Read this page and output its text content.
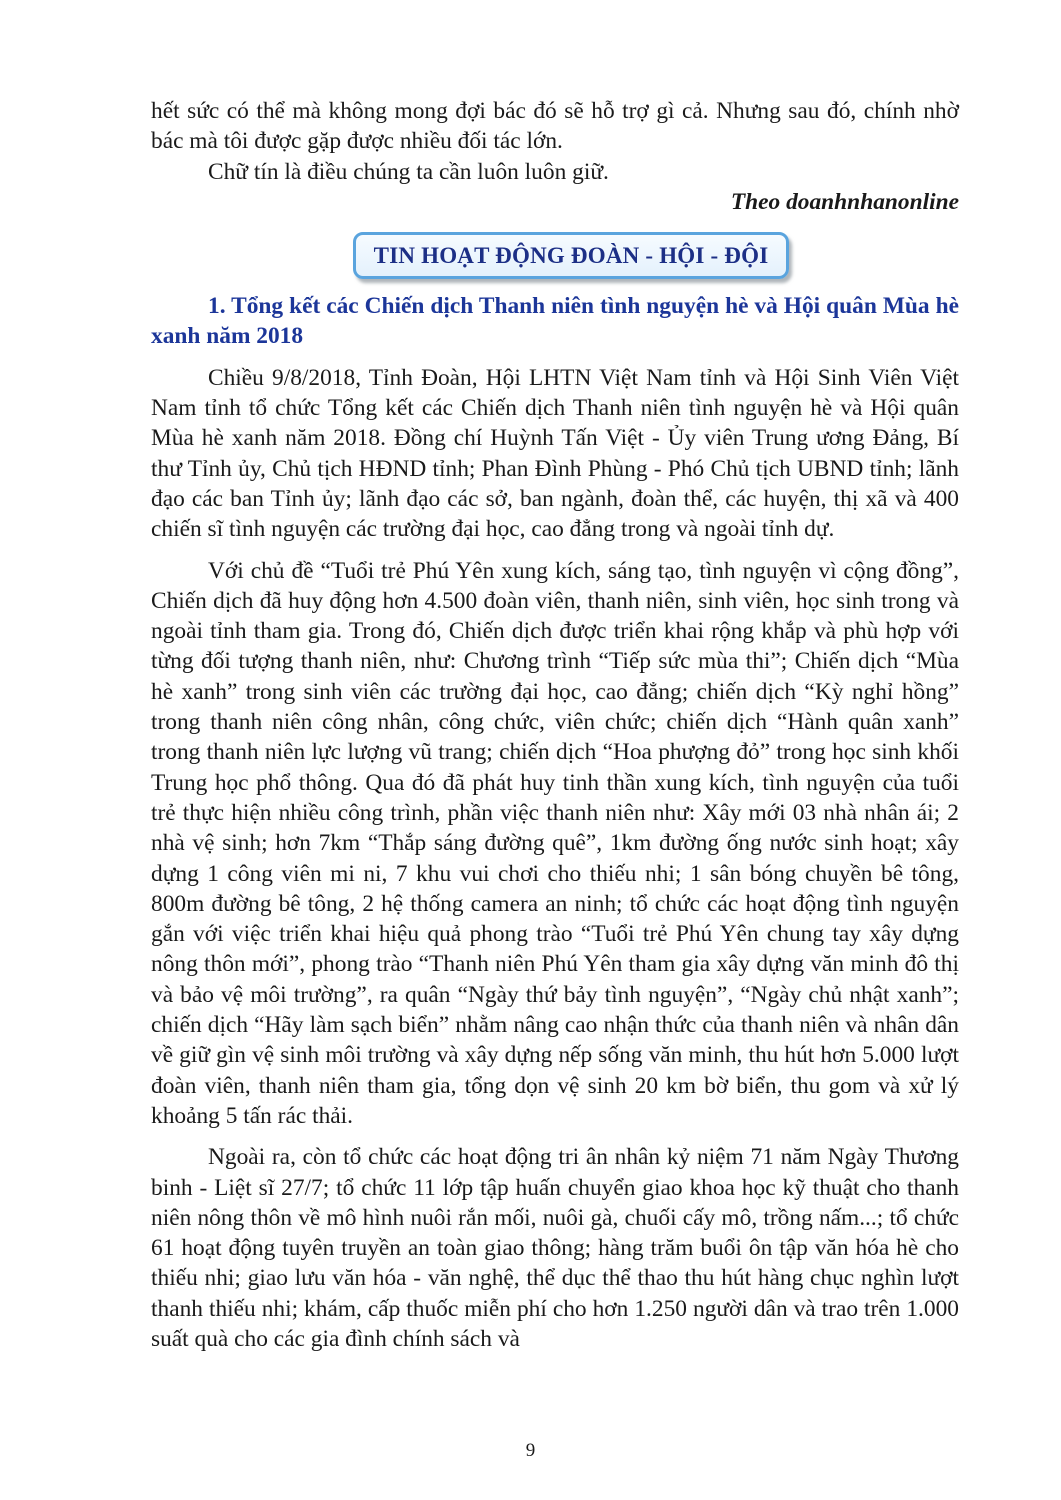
hết sức có thể mà không mong đợi bác đó sẽ hỗ trợ gì cả. Nhưng sau đó, chính nhờ bác mà tôi được gặp được nhiều đối tác lớn.

Chữ tín là điều chúng ta cần luôn luôn giữ.

Theo doanhnhanonline

TIN HOẠT ĐỘNG ĐOÀN - HỘI - ĐỘI

1. Tổng kết các Chiến dịch Thanh niên tình nguyện hè và Hội quân Mùa hè xanh năm 2018

Chiều 9/8/2018, Tỉnh Đoàn, Hội LHTN Việt Nam tỉnh và Hội Sinh Viên Việt Nam tỉnh tổ chức Tổng kết các Chiến dịch Thanh niên tình nguyện hè và Hội quân Mùa hè xanh năm 2018. Đồng chí Huỳnh Tấn Việt - Ủy viên Trung ương Đảng, Bí thư Tỉnh ủy, Chủ tịch HĐND tỉnh; Phan Đình Phùng - Phó Chủ tịch UBND tỉnh; lãnh đạo các ban Tỉnh ủy; lãnh đạo các sở, ban ngành, đoàn thể, các huyện, thị xã và 400 chiến sĩ tình nguyện các trường đại học, cao đẳng trong và ngoài tỉnh dự.

Với chủ đề “Tuổi trẻ Phú Yên xung kích, sáng tạo, tình nguyện vì cộng đồng”, Chiến dịch đã huy động hơn 4.500 đoàn viên, thanh niên, sinh viên, học sinh trong và ngoài tỉnh tham gia. Trong đó, Chiến dịch được triển khai rộng khắp và phù hợp với từng đối tượng thanh niên, như: Chương trình “Tiếp sức mùa thi”; Chiến dịch “Mùa hè xanh” trong sinh viên các trường đại học, cao đẳng; chiến dịch “Kỳ nghỉ hồng” trong thanh niên công nhân, công chức, viên chức; chiến dịch “Hành quân xanh” trong thanh niên lực lượng vũ trang; chiến dịch “Hoa phượng đỏ” trong học sinh khối Trung học phổ thông. Qua đó đã phát huy tinh thần xung kích, tình nguyện của tuổi trẻ thực hiện nhiều công trình, phần việc thanh niên như: Xây mới 03 nhà nhân ái; 2 nhà vệ sinh; hơn 7km “Thắp sáng đường quê”, 1km đường ống nước sinh hoạt; xây dựng 1 công viên mi ni, 7 khu vui chơi cho thiếu nhi; 1 sân bóng chuyền bê tông, 800m đường bê tông, 2 hệ thống camera an ninh; tổ chức các hoạt động tình nguyện gắn với việc triển khai hiệu quả phong trào “Tuổi trẻ Phú Yên chung tay xây dựng nông thôn mới”, phong trào “Thanh niên Phú Yên tham gia xây dựng văn minh đô thị và bảo vệ môi trường”, ra quân “Ngày thứ bảy tình nguyện”, “Ngày chủ nhật xanh”; chiến dịch “Hãy làm sạch biển” nhằm nâng cao nhận thức của thanh niên và nhân dân về giữ gìn vệ sinh môi trường và xây dựng nếp sống văn minh, thu hút hơn 5.000 lượt đoàn viên, thanh niên tham gia, tổng dọn vệ sinh 20 km bờ biển, thu gom và xử lý khoảng 5 tấn rác thải.

Ngoài ra, còn tổ chức các hoạt động tri ân nhân kỷ niệm 71 năm Ngày Thương binh - Liệt sĩ 27/7; tổ chức 11 lớp tập huấn chuyển giao khoa học kỹ thuật cho thanh niên nông thôn về mô hình nuôi rắn mối, nuôi gà, chuối cấy mô, trồng nấm...; tổ chức 61 hoạt động tuyên truyền an toàn giao thông; hàng trăm buổi ôn tập văn hóa hè cho thiếu nhi; giao lưu văn hóa - văn nghệ, thể dục thể thao thu hút hàng chục nghìn lượt thanh thiếu nhi; khám, cấp thuốc miễn phí cho hơn 1.250 người dân và trao trên 1.000 suất quà cho các gia đình chính sách và

9
